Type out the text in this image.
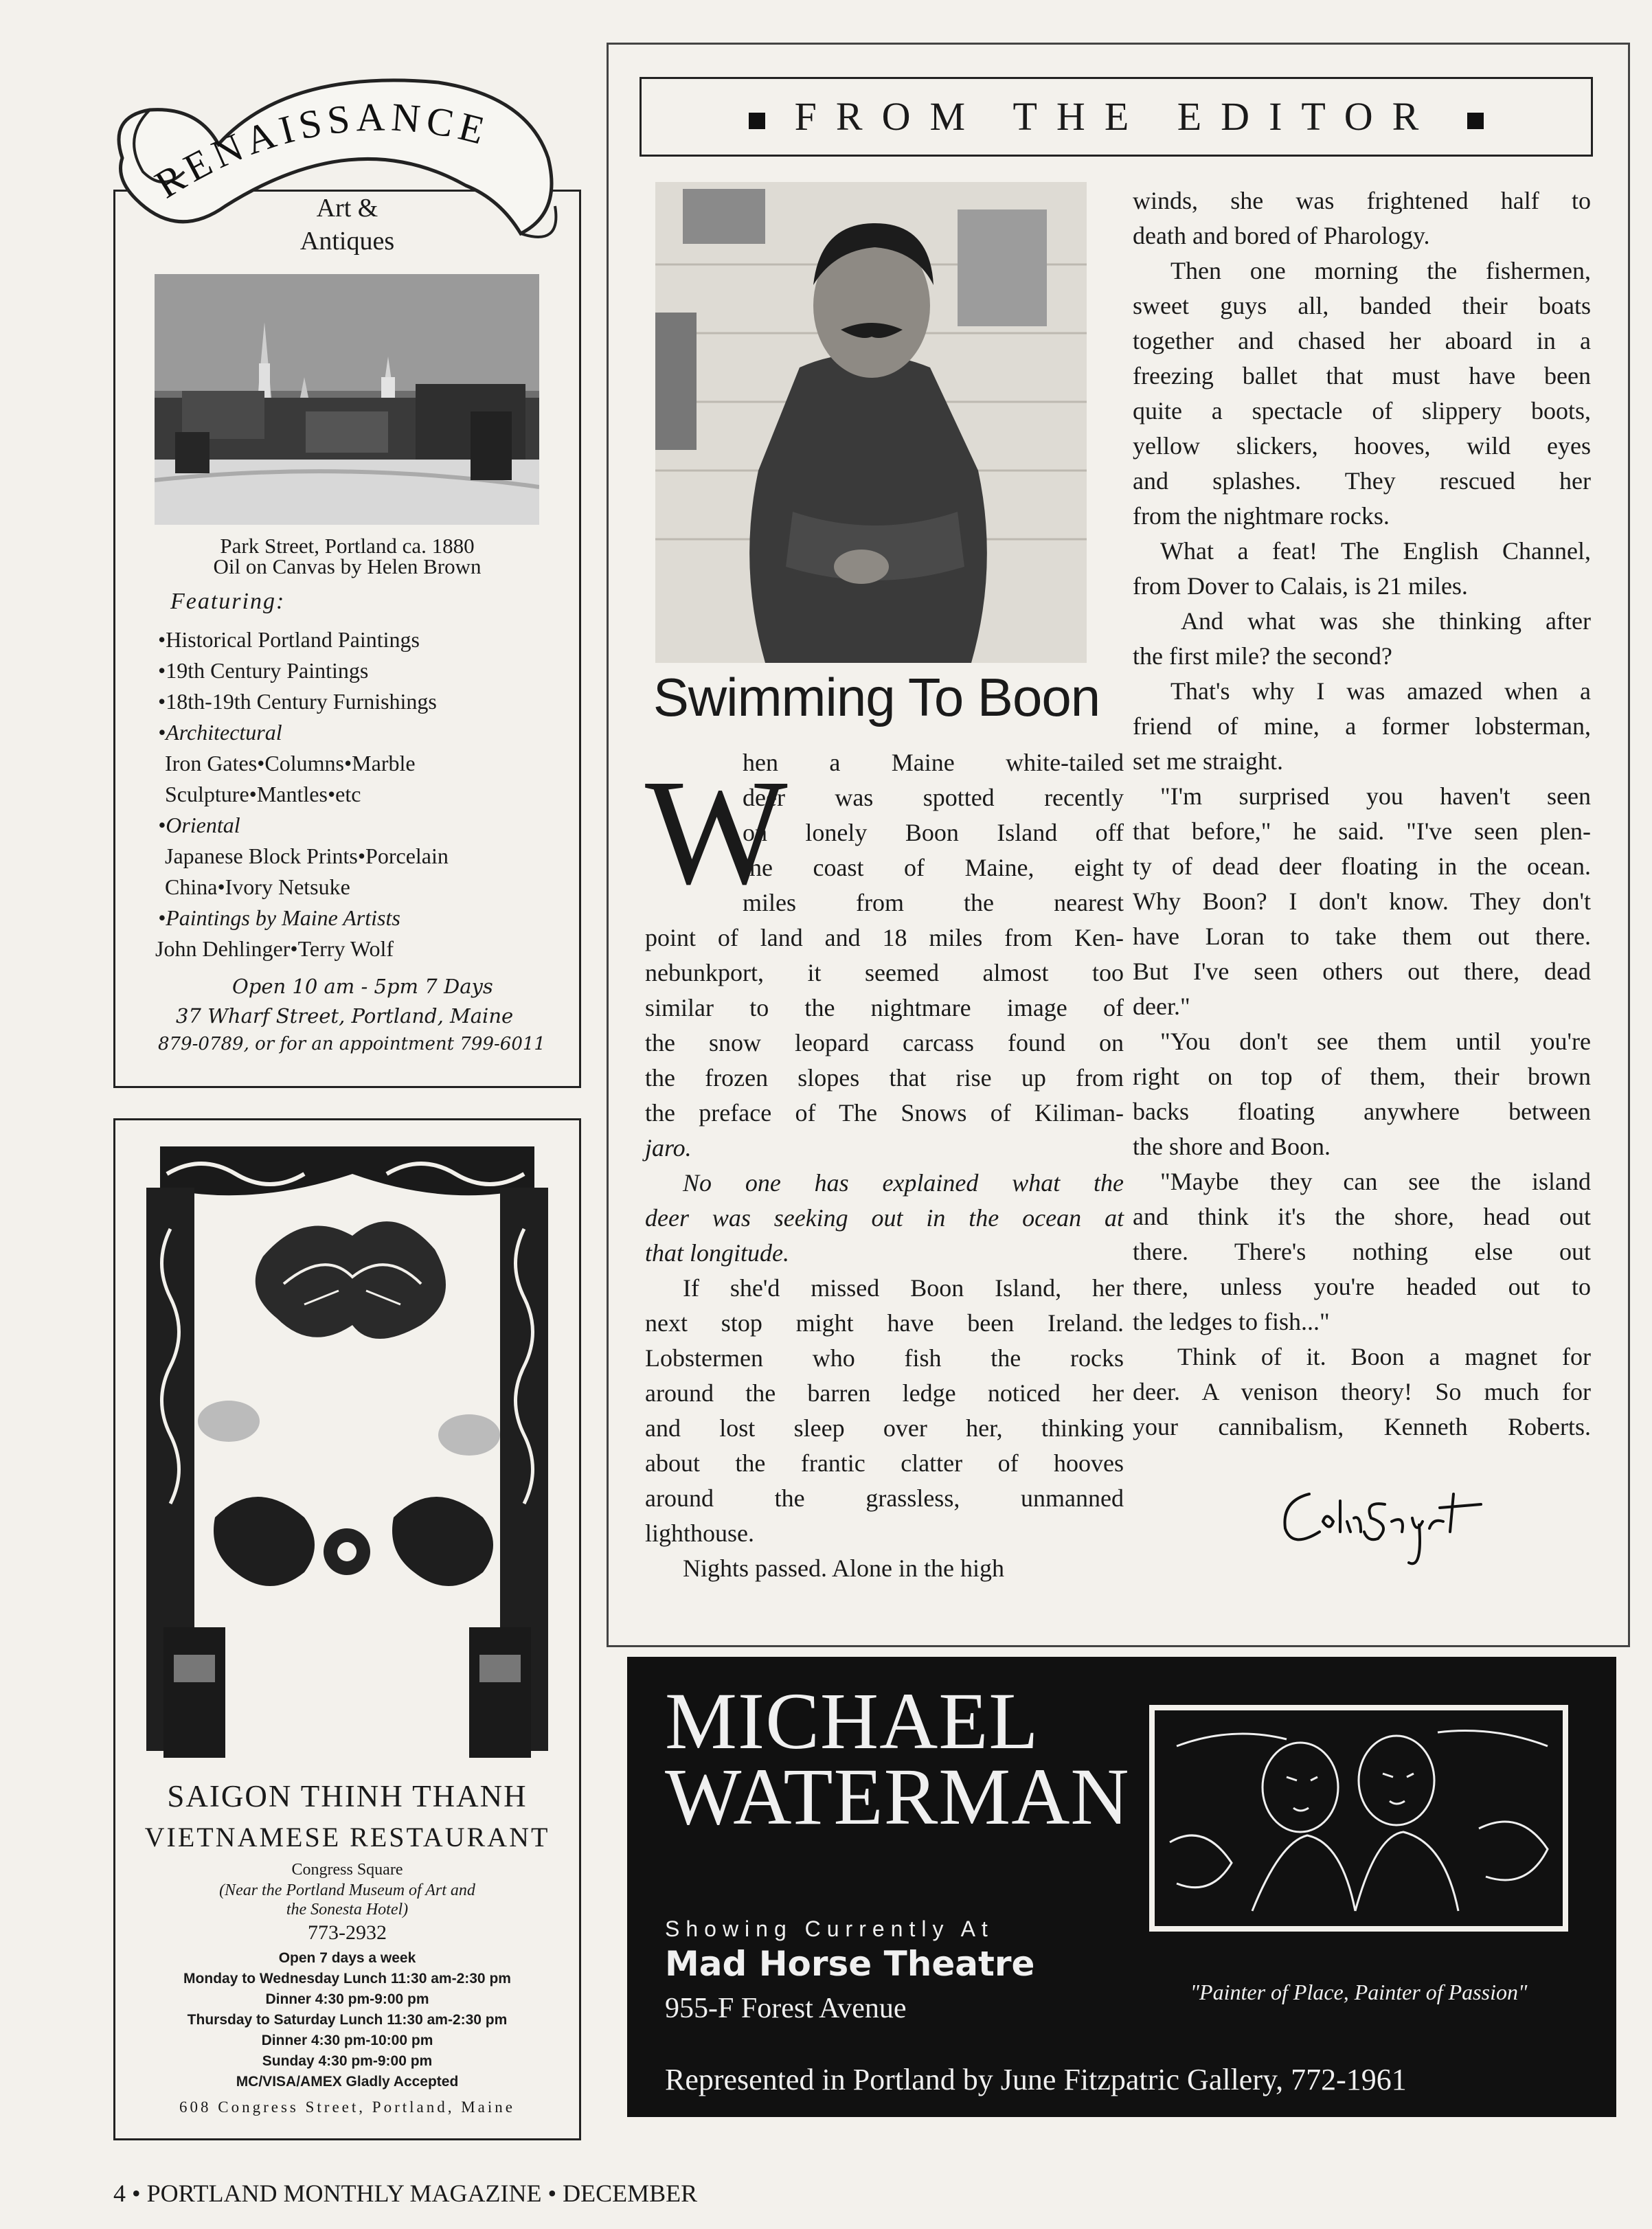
Art &
Antiques
Park Street, Portland ca. 1880
Oil on Canvas by Helen Brown
Featuring:
•Historical Portland Paintings
•19th Century Paintings
•18th-19th Century Furnishings
•Architectural
Iron Gates•Columns•Marble
Sculpture•Mantles•etc
•Oriental
Japanese Block Prints•Porcelain
China•Ivory Netsuke
•Paintings by Maine Artists
John Dehlinger•Terry Wolf
Open 10 am - 5pm 7 Days
37 Wharf Street, Portland, Maine
879-0789, or for an appointment 799-6011
RENAISSANCE
SAIGON THINH THANH
VIETNAMESE RESTAURANT
Congress Square
(Near the Portland Museum of Art and
the Sonesta Hotel)
773-2932
Open 7 days a week
Monday to Wednesday Lunch 11:30 am-2:30 pm
Dinner 4:30 pm-9:00 pm
Thursday to Saturday Lunch 11:30 am-2:30 pm
Dinner 4:30 pm-10:00 pm
Sunday 4:30 pm-9:00 pm
MC/VISA/AMEX Gladly Accepted
608 Congress Street, Portland, Maine
FROM THE EDITOR
Swimming To Boon
W
hen a Maine white-tailed
deer was spotted recently
on lonely Boon Island off
the coast of Maine, eight
miles from the nearest
point of land and 18 miles from Ken-
nebunkport, it seemed almost too
similar to the nightmare image of
the snow leopard carcass found on
the frozen slopes that rise up from
the preface of The Snows of Kiliman-
jaro.
No one has explained what the
deer was seeking out in the ocean at
that longitude.
If she'd missed Boon Island, her
next stop might have been Ireland.
Lobstermen who fish the rocks
around the barren ledge noticed her
and lost sleep over her, thinking
about the frantic clatter of hooves
around the grassless, unmanned
lighthouse.
Nights passed. Alone in the high
winds, she was frightened half to
death and bored of Pharology.
Then one morning the fishermen,
sweet guys all, banded their boats
together and chased her aboard in a
freezing ballet that must have been
quite a spectacle of slippery boots,
yellow slickers, hooves, wild eyes
and splashes. They rescued her
from the nightmare rocks.
What a feat! The English Channel,
from Dover to Calais, is 21 miles.
And what was she thinking after
the first mile? the second?
That's why I was amazed when a
friend of mine, a former lobsterman,
set me straight.
"I'm surprised you haven't seen
that before," he said. "I've seen plen-
ty of dead deer floating in the ocean.
Why Boon? I don't know. They don't
have Loran to take them out there.
But I've seen others out there, dead
deer."
"You don't see them until you're
right on top of them, their brown
backs floating anywhere between
the shore and Boon.
"Maybe they can see the island
and think it's the shore, head out
there. There's nothing else out
there, unless you're headed out to
the ledges to fish..."
Think of it. Boon a magnet for
deer. A venison theory! So much for
your cannibalism, Kenneth Roberts.
MICHAEL
WATERMAN
Showing Currently At
Mad Horse Theatre
955-F Forest Avenue
"Painter of Place, Painter of Passion"
Represented in Portland by June Fitzpatric Gallery, 772-1961
4 • PORTLAND MONTHLY MAGAZINE • DECEMBER
